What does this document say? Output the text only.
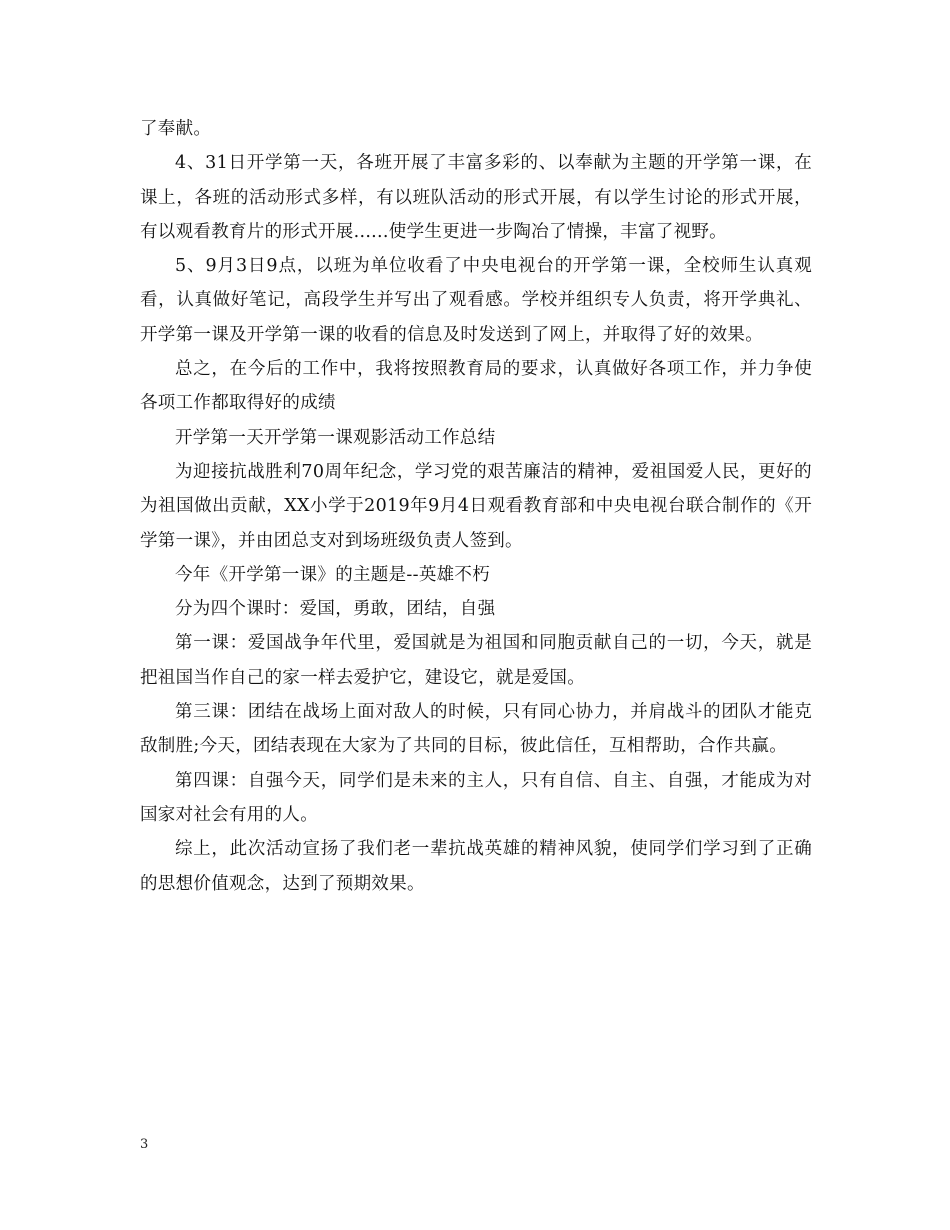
了奉献。

4、31日开学第一天，各班开展了丰富多彩的、以奉献为主题的开学第一课，在课上，各班的活动形式多样，有以班队活动的形式开展，有以学生讨论的形式开展，有以观看教育片的形式开展......使学生更进一步陶冶了情操，丰富了视野。

5、9月3日9点，以班为单位收看了中央电视台的开学第一课，全校师生认真观看，认真做好笔记，高段学生并写出了观看感。学校并组织专人负责，将开学典礼、开学第一课及开学第一课的收看的信息及时发送到了网上，并取得了好的效果。

总之，在今后的工作中，我将按照教育局的要求，认真做好各项工作，并力争使各项工作都取得好的成绩

开学第一天开学第一课观影活动工作总结

为迎接抗战胜利70周年纪念，学习党的艰苦廉洁的精神，爱祖国爱人民，更好的为祖国做出贡献，XX小学于2019年9月4日观看教育部和中央电视台联合制作的《开学第一课》，并由团总支对到场班级负责人签到。

今年《开学第一课》的主题是--英雄不朽

分为四个课时：爱国，勇敢，团结，自强

第一课：爱国战争年代里，爱国就是为祖国和同胞贡献自己的一切，今天，就是把祖国当作自己的家一样去爱护它，建设它，就是爱国。

第三课：团结在战场上面对敌人的时候，只有同心协力，并肩战斗的团队才能克敌制胜;今天，团结表现在大家为了共同的目标，彼此信任，互相帮助，合作共赢。

第四课：自强今天，同学们是未来的主人，只有自信、自主、自强，才能成为对国家对社会有用的人。

综上，此次活动宣扬了我们老一辈抗战英雄的精神风貌，使同学们学习到了正确的思想价值观念，达到了预期效果。

3
